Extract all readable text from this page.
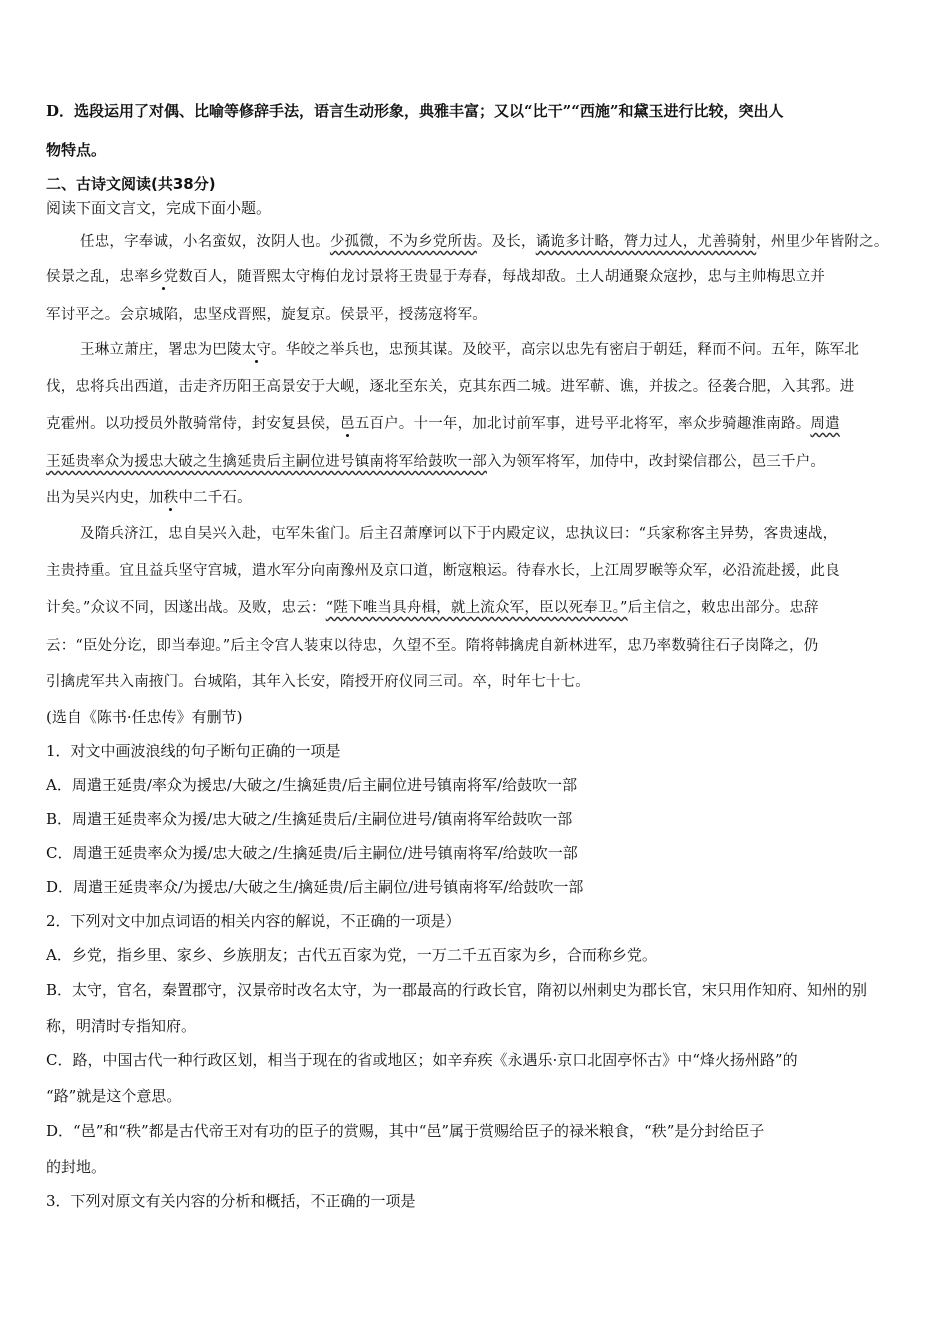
D．选段运用了对偶、比喻等修辞手法，语言生动形象，典雅丰富；又以“比干”“西施”和黛玉进行比较，突出人
物特点。
二、古诗文阅读(共38分)
阅读下面文言文，完成下面小题。
任忠，字奉诚，小名蛮奴，汝阴人也。少孤微，不为乡党所齿。及长，谲诡多计略，膂力过人，尤善骑射，州里少年皆附之。
侯景之乱，忠率乡党数百人，随晋熙太守梅伯龙讨景将王贵显于寿春，每战却敌。土人胡通聚众寇抄，忠与主帅梅思立并
军讨平之。会京城陷，忠坚戍晋熙，旋复京。侯景平，授荡寇将军。
王琳立萧庄，署忠为巴陵太守。华皎之举兵也，忠预其谋。及皎平，高宗以忠先有密启于朝廷，释而不问。五年，陈军北
伐，忠将兵出西道，击走齐历阳王高景安于大岘，逐北至东关，克其东西二城。进军蕲、谯，并拔之。径袭合肥，入其郛。进
克霍州。以功授员外散骑常侍，封安复县侯，邑五百户。十一年，加北讨前军事，进号平北将军，率众步骑趣淮南路。周遣
王延贵率众为援忠大破之生擒延贵后主嗣位进号镇南将军给鼓吹一部入为领军将军，加侍中，改封梁信郡公，邑三千户。
出为吴兴内史，加秩中二千石。
及隋兵济江，忠自吴兴入赴，屯军朱雀门。后主召萧摩诃以下于内殿定议，忠执议曰：“兵家称客主异势，客贵速战，
主贵持重。宜且益兵坚守宫城，遣水军分向南豫州及京口道，断寇粮运。待春水长，上江周罗㬋等众军，必沿流赴援，此良
计矣。”众议不同，因遂出战。及败，忠云：“陛下唯当具舟楫，就上流众军，臣以死奉卫。”后主信之，敕忠出部分。忠辞
云：“臣处分讫，即当奉迎。”后主令宫人装束以待忠，久望不至。隋将韩擒虎自新林进军，忠乃率数骑往石子岗降之，仍
引擒虎军共入南掖门。台城陷，其年入长安，隋授开府仪同三司。卒，时年七十七。
(选自《陈书·任忠传》有删节)
1．对文中画波浪线的句子断句正确的一项是
A．周遣王延贵/率众为援忠/大破之/生擒延贵/后主嗣位进号镇南将军/给鼓吹一部
B．周遣王延贵率众为援/忠大破之/生擒延贵后/主嗣位进号/镇南将军给鼓吹一部
C．周遣王延贵率众为援/忠大破之/生擒延贵/后主嗣位/进号镇南将军/给鼓吹一部
D．周遣王延贵率众/为援忠/大破之生/擒延贵/后主嗣位/进号镇南将军/给鼓吹一部
2．下列对文中加点词语的相关内容的解说，不正确的一项是）
A．乡党，指乡里、家乡、乡族朋友；古代五百家为党，一万二千五百家为乡，合而称乡党。
B．太守，官名，秦置郡守，汉景帝时改名太守，为一郡最高的行政长官，隋初以州刺史为郡长官，宋只用作知府、知州的别
称，明清时专指知府。
C．路，中国古代一种行政区划，相当于现在的省或地区；如辛弃疾《永遇乐·京口北固亭怀古》中“烽火扬州路”的
“路”就是这个意思。
D．“邑”和“秩”都是古代帝王对有功的臣子的赏赐，其中“邑”属于赏赐给臣子的禄米粮食，“秩”是分封给臣子
的封地。
3．下列对原文有关内容的分析和概括，不正确的一项是
